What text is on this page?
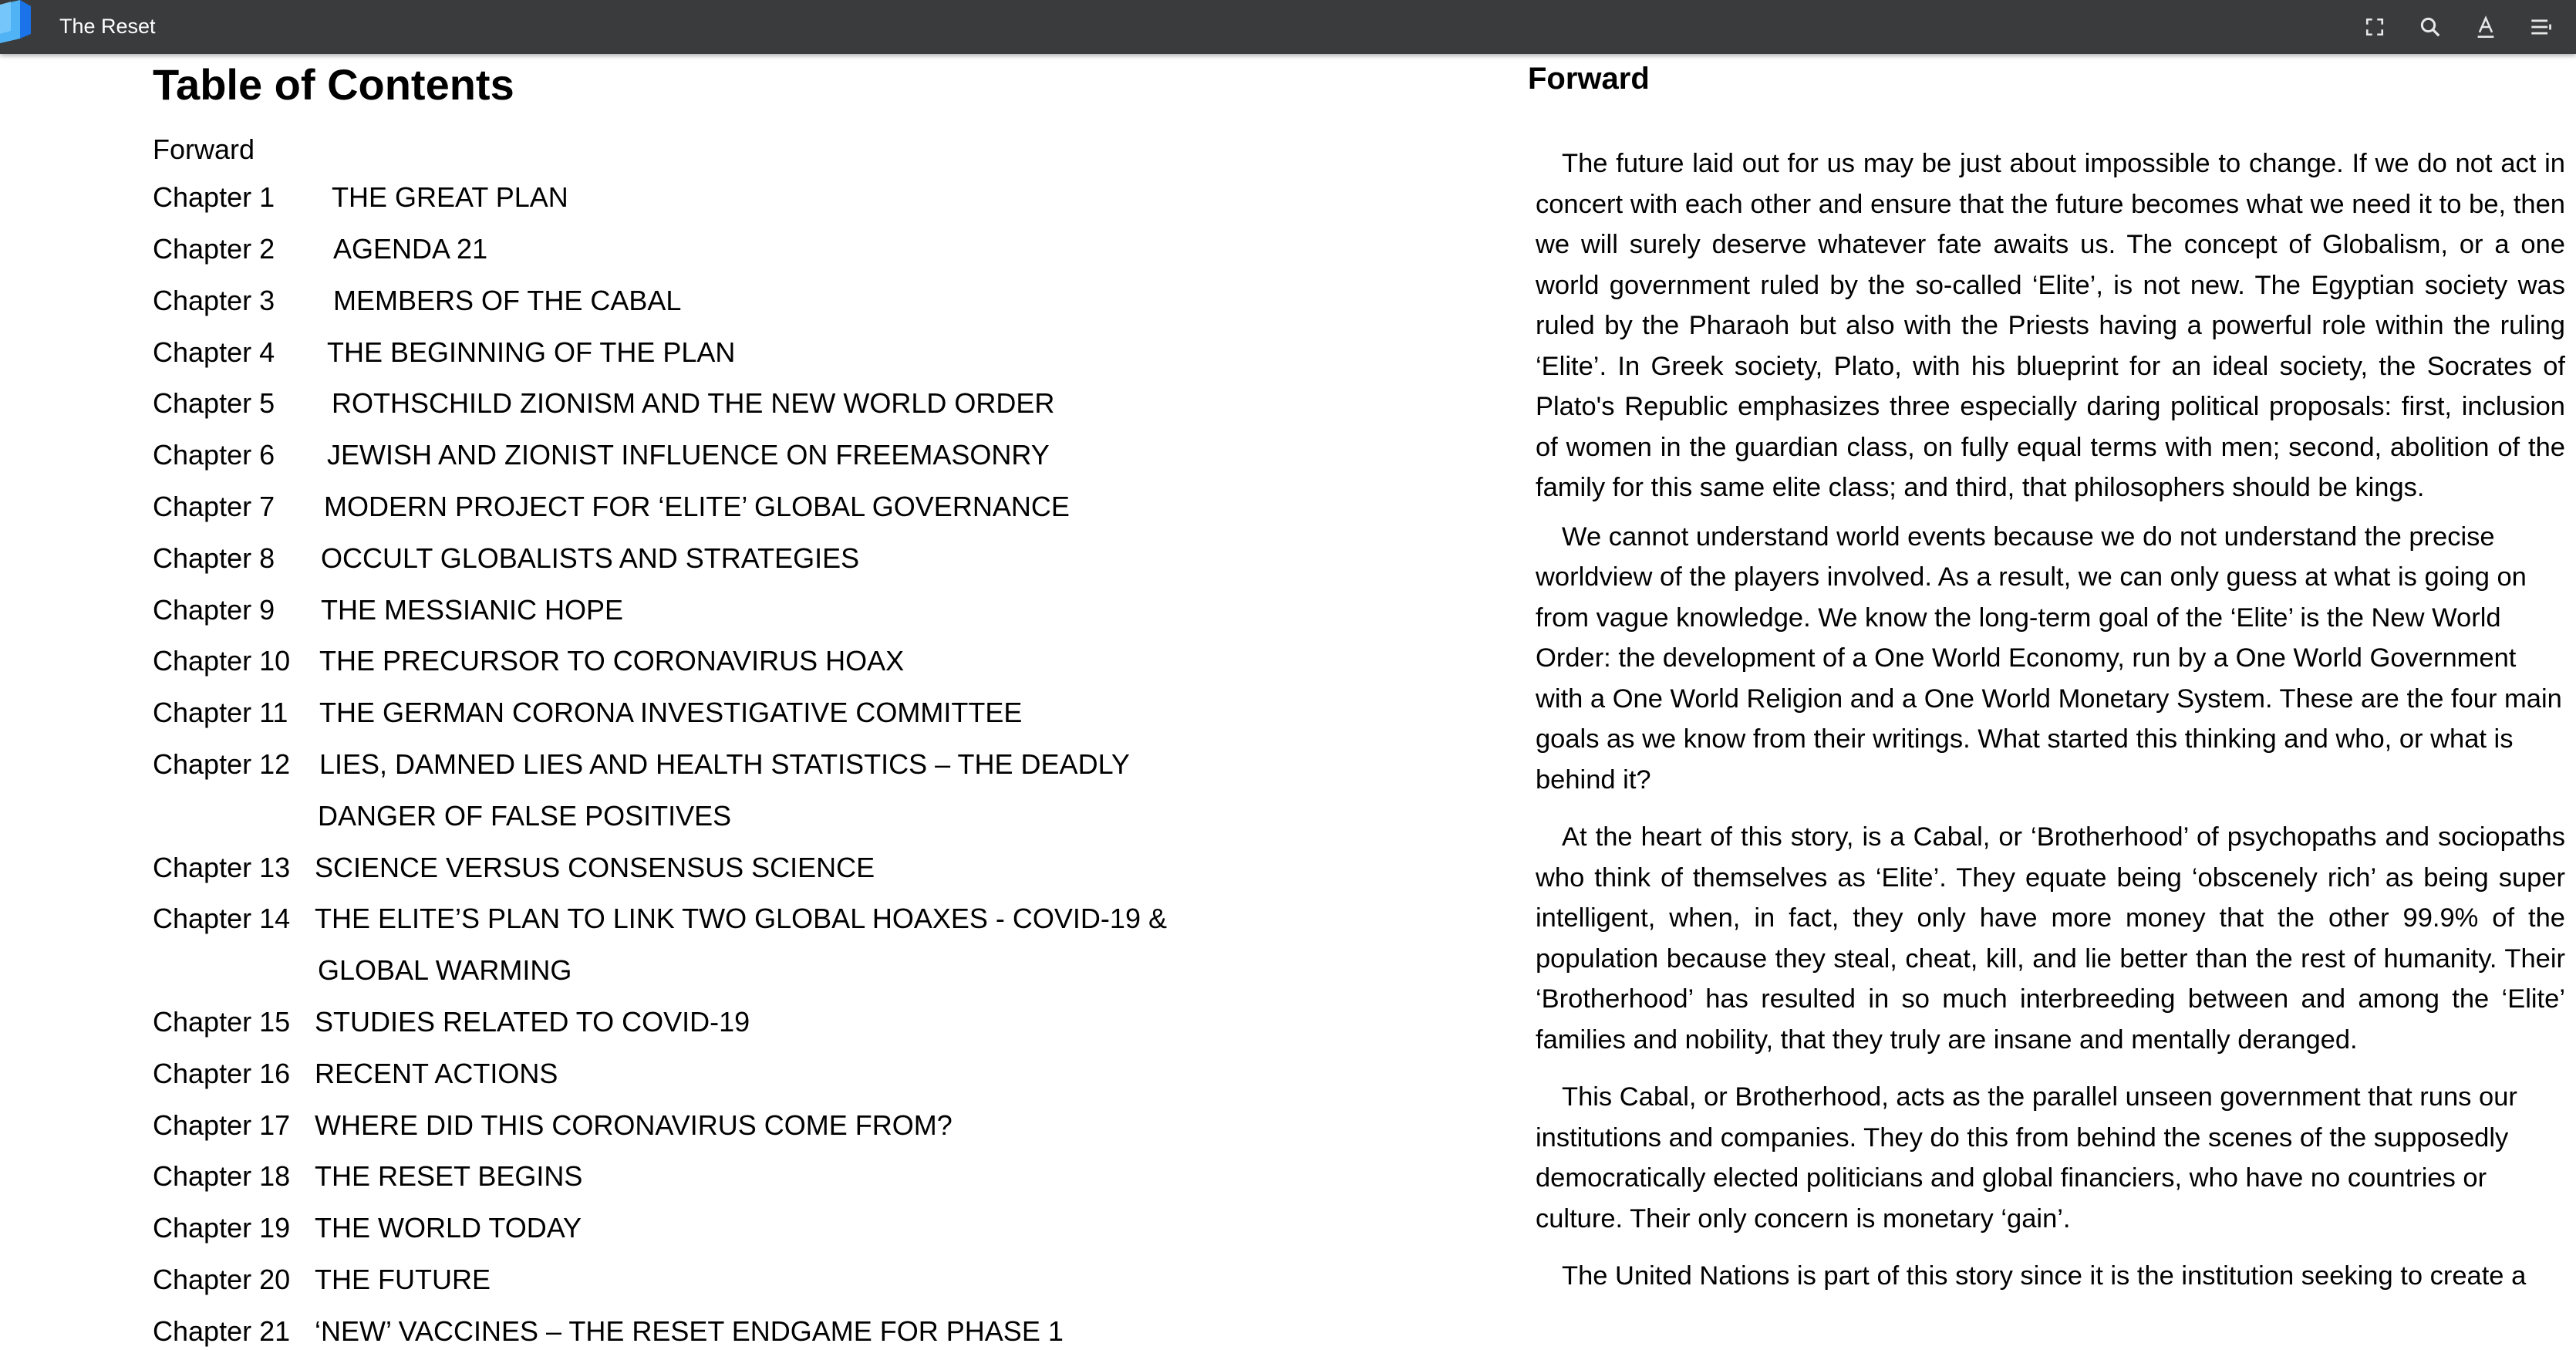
The Reset
Table of Contents
Forward
Chapter 1 THE GREAT PLAN
Chapter 2 AGENDA 21
Chapter 3 MEMBERS OF THE CABAL
Chapter 4 THE BEGINNING OF THE PLAN
Chapter 5 ROTHSCHILD ZIONISM AND THE NEW WORLD ORDER
Chapter 6 JEWISH AND ZIONIST INFLUENCE ON FREEMASONRY
Chapter 7 MODERN PROJECT FOR ‘ELITE’ GLOBAL GOVERNANCE
Chapter 8 OCCULT GLOBALISTS AND STRATEGIES
Chapter 9 THE MESSIANIC HOPE
Chapter 10 THE PRECURSOR TO CORONAVIRUS HOAX
Chapter 11 THE GERMAN CORONA INVESTIGATIVE COMMITTEE
Chapter 12 LIES, DAMNED LIES AND HEALTH STATISTICS – THE DEADLY
DANGER OF FALSE POSITIVES
Chapter 13 SCIENCE VERSUS CONSENSUS SCIENCE
Chapter 14 THE ELITE’S PLAN TO LINK TWO GLOBAL HOAXES - COVID-19 &
GLOBAL WARMING
Chapter 15 STUDIES RELATED TO COVID-19
Chapter 16 RECENT ACTIONS
Chapter 17 WHERE DID THIS CORONAVIRUS COME FROM?
Chapter 18 THE RESET BEGINS
Chapter 19 THE WORLD TODAY
Chapter 20 THE FUTURE
Chapter 21 ‘NEW’ VACCINES – THE RESET ENDGAME FOR PHASE 1
Forward

The future laid out for us may be just about impossible to change. If we do not act in concert with each other and ensure that the future becomes what we need it to be, then we will surely deserve whatever fate awaits us. The concept of Globalism, or a one world government ruled by the so-called ‘Elite’, is not new. The Egyptian society was ruled by the Pharaoh but also with the Priests having a powerful role within the ruling ‘Elite’. In Greek society, Plato, with his blueprint for an ideal society, the Socrates of Plato's Republic emphasizes three especially daring political proposals: first, inclusion of women in the guardian class, on fully equal terms with men; second, abolition of the family for this same elite class; and third, that philosophers should be kings.

We cannot understand world events because we do not understand the precise worldview of the players involved. As a result, we can only guess at what is going on from vague knowledge. We know the long-term goal of the ‘Elite’ is the New World Order: the development of a One World Economy, run by a One World Government with a One World Religion and a One World Monetary System. These are the four main goals as we know from their writings. What started this thinking and who, or what is behind it?

At the heart of this story, is a Cabal, or ‘Brotherhood’ of psychopaths and sociopaths who think of themselves as ‘Elite’. They equate being ‘obscenely rich’ as being super intelligent, when, in fact, they only have more money that the other 99.9% of the population because they steal, cheat, kill, and lie better than the rest of humanity. Their ‘Brotherhood’ has resulted in so much interbreeding between and among the ‘Elite’ families and nobility, that they truly are insane and mentally deranged.

This Cabal, or Brotherhood, acts as the parallel unseen government that runs our institutions and companies. They do this from behind the scenes of the supposedly democratically elected politicians and global financiers, who have no countries or culture. Their only concern is monetary ‘gain’.

The United Nations is part of this story since it is the institution seeking to create a
